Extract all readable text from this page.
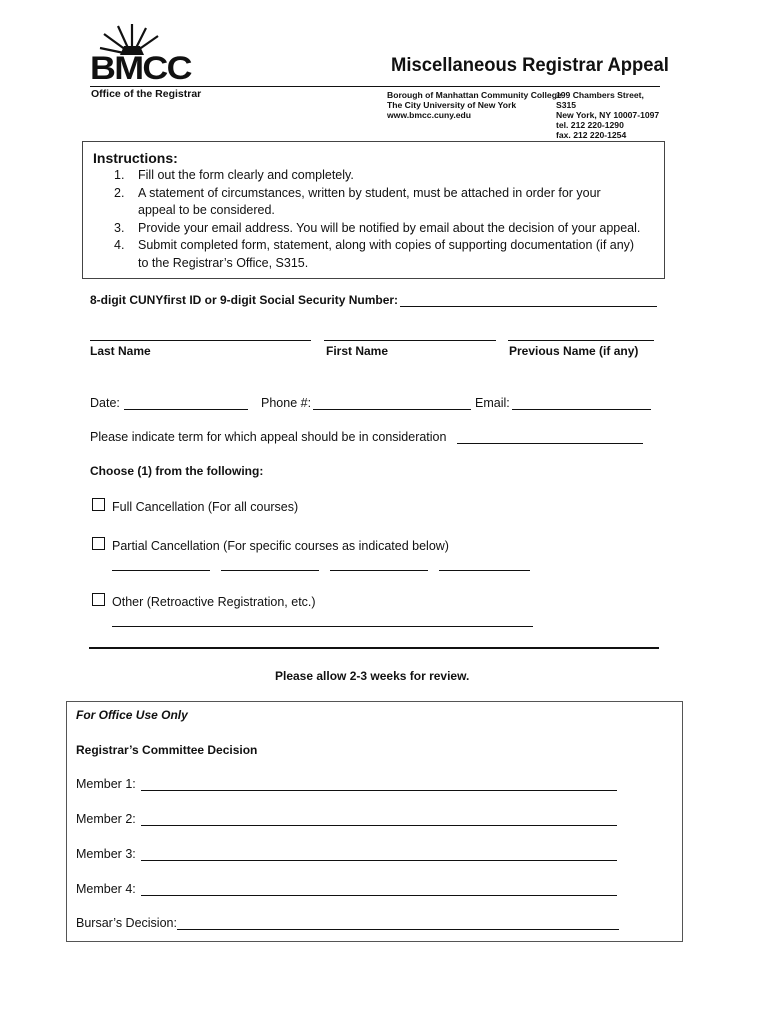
BMCC
Office of the Registrar
Miscellaneous Registrar Appeal
Borough of Manhattan Community College
The City University of New York
www.bmcc.cuny.edu
199 Chambers Street, S315
New York, NY 10007-1097
tel. 212 220-1290
fax. 212 220-1254
Instructions:
1. Fill out the form clearly and completely.
2. A statement of circumstances, written by student, must be attached in order for your
appeal to be considered.
3. Provide your email address. You will be notified by email about the decision of your appeal.
4. Submit completed form, statement, along with copies of supporting documentation (if any)
to the Registrar’s Office, S315.
8-digit CUNYfirst ID or 9-digit Social Security Number:
Last Name	First Name	Previous Name (if any)
Date:	Phone #:	Email:
Please indicate term for which appeal should be in consideration
Choose (1) from the following:
Full Cancellation (For all courses)
Partial Cancellation (For specific courses as indicated below)
Other (Retroactive Registration, etc.)
Please allow 2-3 weeks for review.
For Office Use Only
Registrar’s Committee Decision
Member 1:
Member 2:
Member 3:
Member 4:
Bursar’s Decision:
